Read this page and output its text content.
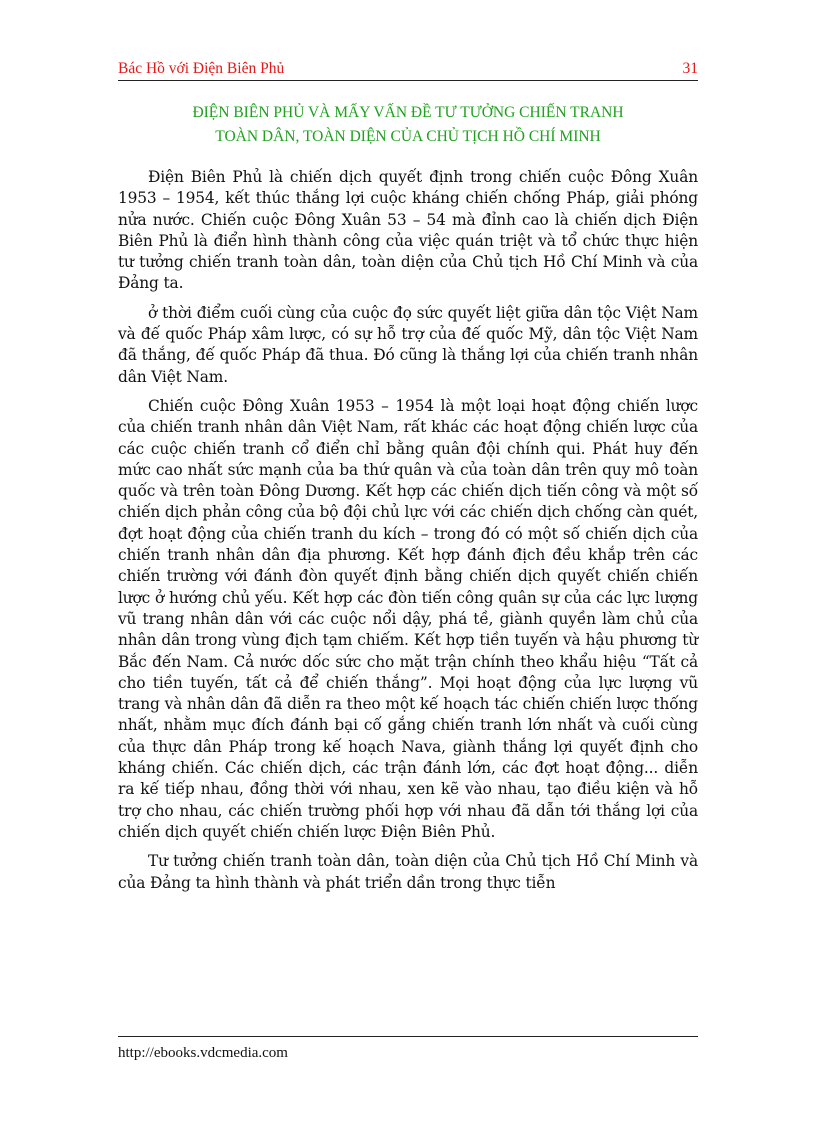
Bác Hồ với Điện Biên Phủ	31
ĐIỆN BIÊN PHỦ VÀ MẤY VẤN ĐỀ TƯ TƯỞNG CHIẾN TRANH
TOÀN DÂN, TOÀN DIỆN CỦA CHỦ TỊCH HỒ CHÍ MINH

Điện Biên Phủ là chiến dịch quyết định trong chiến cuộc Đông Xuân 1953 – 1954, kết thúc thắng lợi cuộc kháng chiến chống Pháp, giải phóng nửa nước. Chiến cuộc Đông Xuân 53 – 54 mà đỉnh cao là chiến dịch Điện Biên Phủ là điển hình thành công của việc quán triệt và tổ chức thực hiện tư tưởng chiến tranh toàn dân, toàn diện của Chủ tịch Hồ Chí Minh và của Đảng ta.

ở thời điểm cuối cùng của cuộc đọ sức quyết liệt giữa dân tộc Việt Nam và đế quốc Pháp xâm lược, có sự hỗ trợ của đế quốc Mỹ, dân tộc Việt Nam đã thắng, đế quốc Pháp đã thua. Đó cũng là thắng lợi của chiến tranh nhân dân Việt Nam.

Chiến cuộc Đông Xuân 1953 – 1954 là một loại hoạt động chiến lược của chiến tranh nhân dân Việt Nam, rất khác các hoạt động chiến lược của các cuộc chiến tranh cổ điển chỉ bằng quân đội chính qui. Phát huy đến mức cao nhất sức mạnh của ba thứ quân và của toàn dân trên quy mô toàn quốc và trên toàn Đông Dương. Kết hợp các chiến dịch tiến công và một số chiến dịch phản công của bộ đội chủ lực với các chiến dịch chống càn quét, đợt hoạt động của chiến tranh du kích – trong đó có một số chiến dịch của chiến tranh nhân dân địa phương. Kết hợp đánh địch đều khắp trên các chiến trường với đánh đòn quyết định bằng chiến dịch quyết chiến chiến lược ở hướng chủ yếu. Kết hợp các đòn tiến công quân sự của các lực lượng vũ trang nhân dân với các cuộc nổi dậy, phá tề, giành quyền làm chủ của nhân dân trong vùng địch tạm chiếm. Kết hợp tiền tuyến và hậu phương từ Bắc đến Nam. Cả nước dốc sức cho mặt trận chính theo khẩu hiệu “Tất cả cho tiền tuyến, tất cả để chiến thắng”. Mọi hoạt động của lực lượng vũ trang và nhân dân đã diễn ra theo một kế hoạch tác chiến chiến lược thống nhất, nhằm mục đích đánh bại cố gắng chiến tranh lớn nhất và cuối cùng của thực dân Pháp trong kế hoạch Nava, giành thắng lợi quyết định cho kháng chiến. Các chiến dịch, các trận đánh lớn, các đợt hoạt động... diễn ra kế tiếp nhau, đồng thời với nhau, xen kẽ vào nhau, tạo điều kiện và hỗ trợ cho nhau, các chiến trường phối hợp với nhau đã dẫn tới thắng lợi của chiến dịch quyết chiến chiến lược Điện Biên Phủ.

Tư tưởng chiến tranh toàn dân, toàn diện của Chủ tịch Hồ Chí Minh và của Đảng ta hình thành và phát triển dần trong thực tiễn

http://ebooks.vdcmedia.com
